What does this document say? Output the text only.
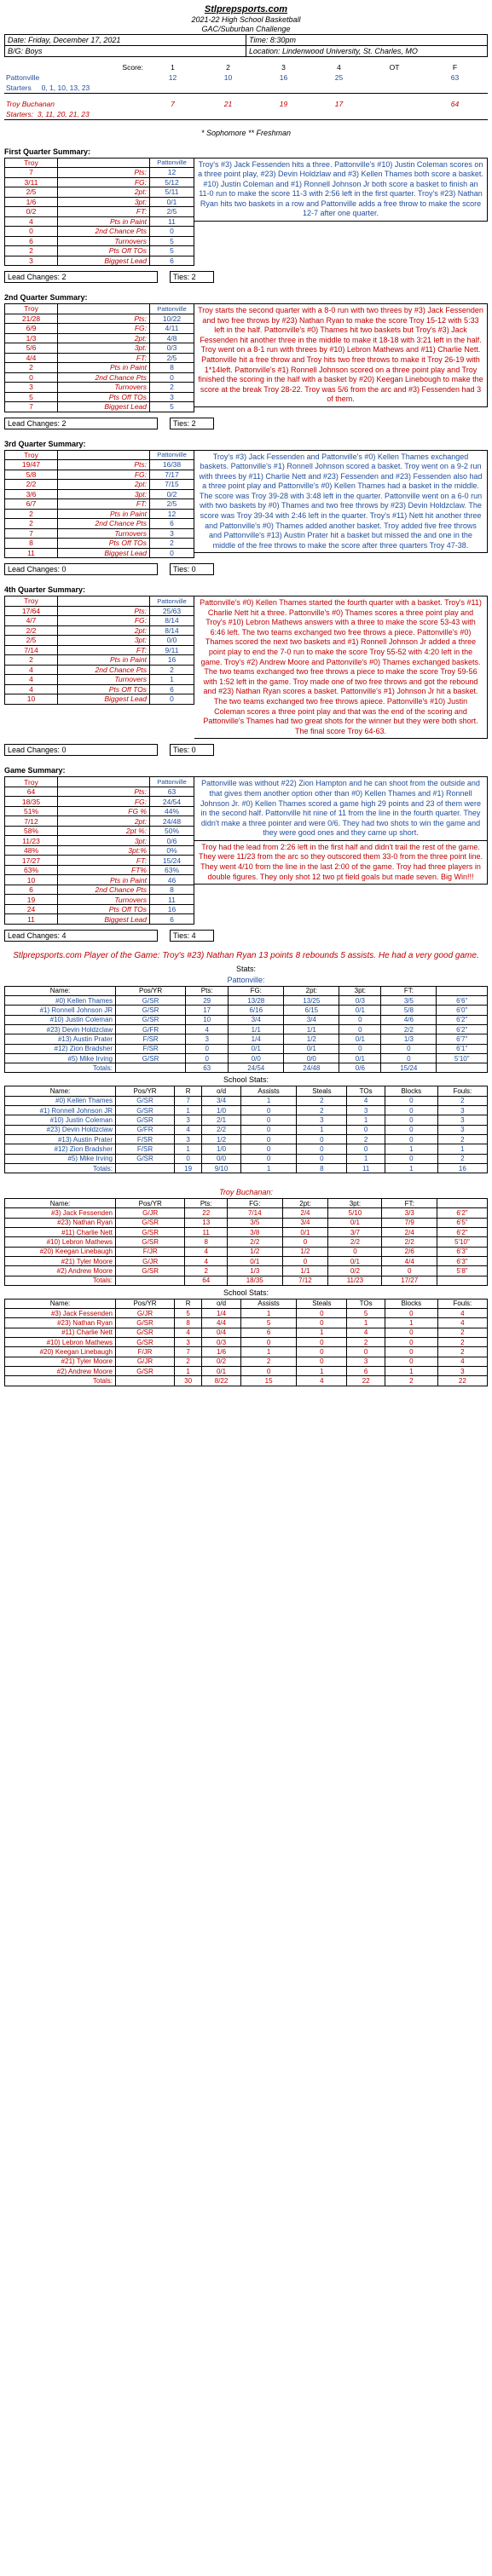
Stlpreps​ports.com
2021-22 High School Basketball
GAC/Suburban Challenge
Date: Friday, December 17, 2021	Time: 8:30pm
B/G: Boys	Location: Lindenwood University, St. Charles, MO
Score:	1	2	3	4	OT	F
Pattonville	12	10	16	25		63
Starters 0, 1, 10, 13, 23						

Troy Buchanan	7	21	19	17		64
Starters: 3, 11, 20, 21, 23						
* Sophomore ** Freshman
First Quarter Summary:
Troy		Pattonville
7	Pts:	12
3/11	FG:	5/12
2/5	2pt:	5/11
1/6	3pt:	0/1
0/2	FT:	2/5
4	Pts in Paint	11
0	2nd Chance Pts	0
6	Turnovers	5
2	Pts Off TOs	5
3	Biggest Lead	6
Troy's #3) Jack Fessenden hits a three. Pattonville's #10) Justin Coleman scores on a three point play, #23) Devin Holdzlaw and #3) Kellen Thames both score a basket. #10) Justin Coleman and #1) Ronnell Johnson Jr both score a basket to finish an 11-0 run to make the score 11-3 with 2:56 left in the first quarter. Troy's #23) Nathan Ryan hits two baskets in a row and Pattonville adds a free throw to make the score 12-7 after one quarter.
Lead Changes: 2	Ties: 2
2nd Quarter Summary:
Troy		Pattonville
21/28	Pts:	10/22
6/9	FG:	4/11
1/3	2pt:	4/8
5/6	3pt:	0/3
4/4	FT:	2/5
2	Pts in Paint	8
0	2nd Chance Pts	0
3	Turnovers	2
5	Pts Off TOs	3
7	Biggest Lead	5
Troy starts the second quarter with a 8-0 run with two threes by #3) Jack Fessenden and two free throws by #23) Nathan Ryan to make the score Troy 15-12 with 5:33 left in the half. Pattonville's #0) Thames hit two baskets but Troy's #3) Jack Fessenden hit another three in the middle to make it 18-18 with 3:21 left in the half. Troy went on a 8-1 run with threes by #10) Lebron Mathews and #11) Charlie Nett. Pattonville hit a free throw and Troy hits two free throws to make it Troy 26-19 with 1*14left. Pattonville's #1) Ronnell Johnson scored on a three point play and Troy finished the scoring in the half with a basket by #20) Keegan Linebough to make the score at the break Troy 28-22. Troy was 5/6 from the arc and #3) Fessenden had 3 of them.
Lead Changes: 2	Ties: 2
3rd Quarter Summary:
Troy		Pattonville
19/47	Pts:	16/38
5/8	FG:	7/17
2/2	2pt:	7/15
3/6	3pt:	0/2
6/7	FT:	2/5
2	Pts in Paint	12
2	2nd Chance Pts	6
7	Turnovers	3
8	Pts Off TOs	2
11	Biggest Lead	0
Troy's #3) Jack Fessenden and Pattonville's #0) Kellen Thames exchanged baskets. Pattonville's #1) Ronnell Johnson scored a basket. Troy went on a 9-2 run with threes by #11) Charlie Nett and #23) Fessenden and #23) Fessenden also had a three point play and Pattonville's #0) Kellen Thames had a basket in the middle. The score was Troy 39-28 with 3:48 left in the quarter. Pattonville went on a 6-0 run with two baskets by #0) Thames and two free throws by #23) Devin Holdzclaw. The score was Troy 39-34 with 2:46 left in the quarter. Troy's #11) Nett hit another three and Pattonville's #0) Thames added another basket. Troy added five free throws and Pattonville's #13) Austin Prater hit a basket but missed the and one in the middle of the free throws to make the score after three quarters Troy 47-38.
Lead Changes: 0	Ties: 0
4th Quarter Summary:
Troy		Pattonville
17/64	Pts:	25/63
4/7	FG:	8/14
2/2	2pt:	8/14
2/5	3pt:	0/0
7/14	FT:	9/11
2	Pts in Paint	16
4	2nd Chance Pts	2
4	Turnovers	1
4	Pts Off TOs	6
10	Biggest Lead	0
Pattonville's #0) Kellen Thames started the fourth quarter with a basket. Troy's #11) Charlie Nett hit a three. Pattonville's #0) Thames scores a three point play and Troy's #10) Lebron Mathews answers with a three to make the score 53-43 with 6:46 left. The two teams exchanged two free throws a piece. Pattonville's #0) Thames scored the next two baskets and #1) Ronnell Johnson Jr added a three point play to end the 7-0 run to make the score Troy 55-52 with 4:20 left in the game. Troy's #2) Andrew Moore and Pattonville's #0) Thames exchanged baskets. The two teams exchanged two free throws a piece to make the score Troy 59-56 with 1:52 left in the game. Troy made one of two free throws and got the rebound and #23) Nathan Ryan scores a basket. Pattonville's #1) Johnson Jr hit a basket. The two teams exchanged two free throws apiece. Pattonville's #10) Justin Coleman scores a three point play and that was the end of the scoring and Pattonville's Thames had two great shots for the winner but they were both short. The final score Troy 64-63.
Lead Changes: 0	Ties: 0
Game Summary:
Troy		Pattonville
64	Pts:	63
18/35	FG:	24/54
51%	FG %	44%
7/12	2pt:	24/48
58%	2pt %:	50%
11/23	3pt:	0/6
48%	3pt:%	0%
17/27	FT:	15/24
63%	FT%	63%
10	Pts in Paint	46
6	2nd Chance Pts	8
19	Turnovers	11
24	Pts Off TOs	16
11	Biggest Lead	6
Pattonville was without #22) Zion Hampton and he can shoot from the outside and that gives them another option other than #0) Kellen Thames and #1) Ronnell Johnson Jr. #0) Kellen Thames scored a game high 29 points and 23 of them were in the second half. Pattonville hit nine of 11 from the line in the fourth quarter. They didn't make a three pointer and were 0/6. They had two shots to win the game and they were good ones and they came up short.
Troy had the lead from 2:26 left in the first half and didn't trail the rest of the game. They were 11/23 from the arc so they outscored them 33-0 from the three point line. They went 4/10 from the line in the last 2:00 of the game. Troy had three players in double figures. They only shot 12 two pt field goals but made seven. Big Win!!!
Lead Changes: 4	Ties: 4
Stlpreps​ports.com Player of the Game: Troy's #23) Nathan Ryan 13 points 8 rebounds 5 assists. He had a very good game.
Stats:
Pattonville:
Name:	Pos/YR	Pts:	FG:	2pt:	3pt:	FT:	
#0) Kellen Thames	G/SR	29	13/28	13/25	0/3	3/5	6'6"
#1) Ronnell Johnson JR	G/SR	17	6/16	6/15	0/1	5/8	6'0"
#10) Justin Coleman	G/SR	10	3/4	3/4	0	4/6	6'2"
#23) Devin Holdzclaw	G/FR	4	1/1	1/1	0	2/2	6'2"
#13) Austin Prater	F/SR	3	1/4	1/2	0/1	1/3	6'7"
#12) Zion Bradsher	F/SR	0	0/1	0/1	0	0	6'1"
#5) Mike Irving	G/SR	0	0/0	0/0	0/1	0	5'10"
Totals:		63	24/54	24/48	0/6	15/24	
School Stats:
Name:	Pos/YR	R	o/d	Assists	Steals	TOs	Blocks	Fouls:
#0) Kellen Thames	G/SR	7	3/4	1	2	4	0	2
#1) Ronnell Johnson JR	G/SR	1	1/0	0	2	3	0	3
#10) Justin Coleman	G/SR	3	2/1	0	3	1	0	3
#23) Devin Holdzclaw	G/FR	4	2/2	0	1	0	0	3
#13) Austin Prater	F/SR	3	1/2	0	0	2	0	2
#12) Zion Bradsher	F/SR	1	1/0	0	0	0	1	1
#5) Mike Irving	G/SR	0	0/0	0	0	1	0	2
Totals:		19	9/10	1	8	11	1	16
Troy Buchanan:
Name:	Pos/YR	Pts:	FG:	2pt:	3pt:	FT:	
#3) Jack Fessenden	G/JR	22	7/14	2/4	5/10	3/3	6'2"
#23) Nathan Ryan	G/SR	13	3/5	3/4	0/1	7/9	6'5"
#11) Charlie Nett	G/SR	11	3/8	0/1	3/7	2/4	6'2"
#10) Lebron Mathews	G/SR	8	2/2	0	2/2	2/2	5'10"
#20) Keegan Linebaugh	F/JR	4	1/2	1/2	0	2/6	6'3"
#21) Tyler Moore	G/JR	4	0/1	0	0/1	4/4	6'3"
#2) Andrew Moore	G/SR	2	1/3	1/1	0/2	0	5'8"
Totals:		64	18/35	7/12	11/23	17/27	
School Stats:
Name:	Pos/YR	R	o/d	Assists	Steals	TOs	Blocks	Fouls:
#3) Jack Fessenden	G/JR	5	1/4	1	0	5	0	4
#23) Nathan Ryan	G/SR	8	4/4	5	0	1	1	4
#11) Charlie Nett	G/SR	4	0/4	6	1	4	0	2
#10) Lebron Mathews	G/SR	3	0/3	0	0	2	0	2
#20) Keegan Linebaugh	F/JR	7	1/6	1	0	0	0	2
#21) Tyler Moore	G/JR	2	0/2	2	0	3	0	4
#2) Andrew Moore	G/SR	1	0/1	0	1	6	1	3
Totals:		30	8/22	15	4	22	2	22
